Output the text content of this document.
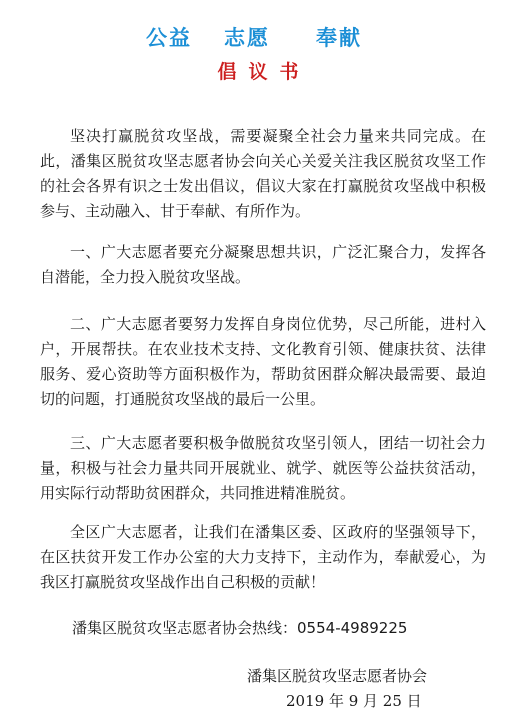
公益 志愿 奉献
倡议书

坚决打赢脱贫攻坚战，需要凝聚全社会力量来共同完成。在此，潘集区脱贫攻坚志愿者协会向关心关爱关注我区脱贫攻坚工作的社会各界有识之士发出倡议，倡议大家在打赢脱贫攻坚战中积极参与、主动融入、甘于奉献、有所作为。

一、广大志愿者要充分凝聚思想共识，广泛汇聚合力，发挥各自潜能，全力投入脱贫攻坚战。

二、广大志愿者要努力发挥自身岗位优势，尽己所能，进村入户，开展帮扶。在农业技术支持、文化教育引领、健康扶贫、法律服务、爱心资助等方面积极作为，帮助贫困群众解决最需要、最迫切的问题，打通脱贫攻坚战的最后一公里。

三、广大志愿者要积极争做脱贫攻坚引领人，团结一切社会力量，积极与社会力量共同开展就业、就学、就医等公益扶贫活动，用实际行动帮助贫困群众，共同推进精准脱贫。

全区广大志愿者，让我们在潘集区委、区政府的坚强领导下，在区扶贫开发工作办公室的大力支持下，主动作为，奉献爱心，为我区打赢脱贫攻坚战作出自己积极的贡献！

潘集区脱贫攻坚志愿者协会热线：0554-4989225
潘集区脱贫攻坚志愿者协会
2019 年 9 月 25 日
